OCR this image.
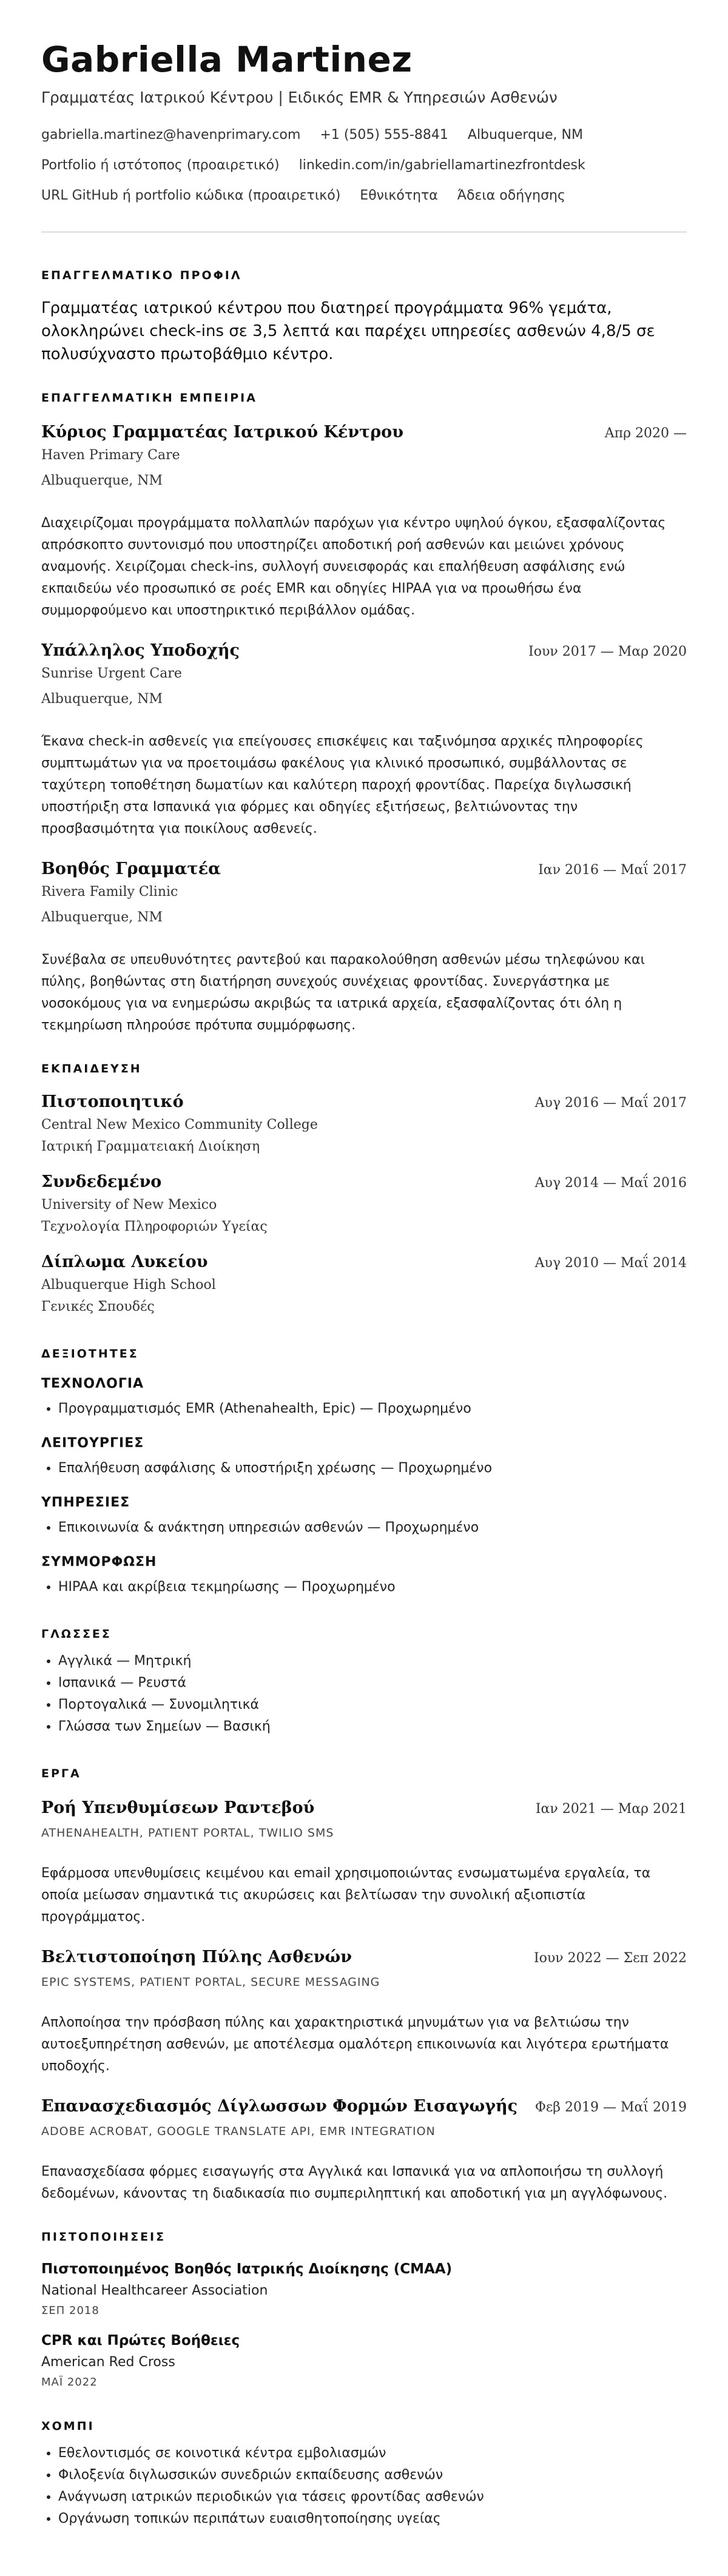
Gabriella Martinez
Γραμματέας Ιατρικού Κέντρου | Ειδικός EMR & Υπηρεσιών Ασθενών
gabriella.martinez@havenprimary.com +1 (505) 555-8841 Albuquerque, NM
Portfolio ή ιστότοπος (προαιρετικό) linkedin.com/in/gabriellamartinezfrontdesk
URL GitHub ή portfolio κώδικα (προαιρετικό) Εθνικότητα Άδεια οδήγησης
ΕΠΑΓΓΕΛΜΑΤΙΚΟ ΠΡΟΦΙΛ
Γραμματέας ιατρικού κέντρου που διατηρεί προγράμματα 96% γεμάτα, ολοκληρώνει check-ins σε 3,5 λεπτά και παρέχει υπηρεσίες ασθενών 4,8/5 σε πολυσύχναστο πρωτοβάθμιο κέντρο.
ΕΠΑΓΓΕΛΜΑΤΙΚΗ ΕΜΠΕΙΡΙΑ
Κύριος Γραμματέας Ιατρικού Κέντρου	Απρ 2020 —
Haven Primary Care
Albuquerque, NM
Διαχειρίζομαι προγράμματα πολλαπλών παρόχων για κέντρο υψηλού όγκου, εξασφαλίζοντας απρόσκοπτο συντονισμό που υποστηρίζει αποδοτική ροή ασθενών και μειώνει χρόνους αναμονής. Χειρίζομαι check-ins, συλλογή συνεισφοράς και επαλήθευση ασφάλισης ενώ εκπαιδεύω νέο προσωπικό σε ροές EMR και οδηγίες HIPAA για να προωθήσω ένα συμμορφούμενο και υποστηρικτικό περιβάλλον ομάδας.
Υπάλληλος Υποδοχής	Ιουν 2017 — Μαρ 2020
Sunrise Urgent Care
Albuquerque, NM
Έκανα check-in ασθενείς για επείγουσες επισκέψεις και ταξινόμησα αρχικές πληροφορίες συμπτωμάτων για να προετοιμάσω φακέλους για κλινικό προσωπικό, συμβάλλοντας σε ταχύτερη τοποθέτηση δωματίων και καλύτερη παροχή φροντίδας. Παρείχα διγλωσσική υποστήριξη στα Ισπανικά για φόρμες και οδηγίες εξιτήσεως, βελτιώνοντας την προσβασιμότητα για ποικίλους ασθενείς.
Βοηθός Γραμματέα	Ιαν 2016 — Μαΐ 2017
Rivera Family Clinic
Albuquerque, NM
Συνέβαλα σε υπευθυνότητες ραντεβού και παρακολούθηση ασθενών μέσω τηλεφώνου και πύλης, βοηθώντας στη διατήρηση συνεχούς συνέχειας φροντίδας. Συνεργάστηκα με νοσοκόμους για να ενημερώσω ακριβώς τα ιατρικά αρχεία, εξασφαλίζοντας ότι όλη η τεκμηρίωση πληρούσε πρότυπα συμμόρφωσης.
ΕΚΠΑΙΔΕΥΣΗ
Πιστοποιητικό	Αυγ 2016 — Μαΐ 2017
Central New Mexico Community College
Ιατρική Γραμματειακή Διοίκηση
Συνδεδεμένο	Αυγ 2014 — Μαΐ 2016
University of New Mexico
Τεχνολογία Πληροφοριών Υγείας
Δίπλωμα Λυκείου	Αυγ 2010 — Μαΐ 2014
Albuquerque High School
Γενικές Σπουδές
ΔΕΞΙΟΤΗΤΕΣ
ΤΕΧΝΟΛΟΓΙΑ
• Προγραμματισμός EMR (Athenahealth, Epic) — Προχωρημένο
ΛΕΙΤΟΥΡΓΙΕΣ
• Επαλήθευση ασφάλισης & υποστήριξη χρέωσης — Προχωρημένο
ΥΠΗΡΕΣΙΕΣ
• Επικοινωνία & ανάκτηση υπηρεσιών ασθενών — Προχωρημένο
ΣΥΜΜΟΡΦΩΣΗ
• HIPAA και ακρίβεια τεκμηρίωσης — Προχωρημένο
ΓΛΩΣΣΕΣ
• Αγγλικά — Μητρική
• Ισπανικά — Ρευστά
• Πορτογαλικά — Συνομιλητικά
• Γλώσσα των Σημείων — Βασική
ΕΡΓΑ
Ροή Υπενθυμίσεων Ραντεβού	Ιαν 2021 — Μαρ 2021
ATHENAHEALTH, PATIENT PORTAL, TWILIO SMS
Εφάρμοσα υπενθυμίσεις κειμένου και email χρησιμοποιώντας ενσωματωμένα εργαλεία, τα οποία μείωσαν σημαντικά τις ακυρώσεις και βελτίωσαν την συνολική αξιοπιστία προγράμματος.
Βελτιστοποίηση Πύλης Ασθενών	Ιουν 2022 — Σεπ 2022
EPIC SYSTEMS, PATIENT PORTAL, SECURE MESSAGING
Απλοποίησα την πρόσβαση πύλης και χαρακτηριστικά μηνυμάτων για να βελτιώσω την αυτοεξυπηρέτηση ασθενών, με αποτέλεσμα ομαλότερη επικοινωνία και λιγότερα ερωτήματα υποδοχής.
Επανασχεδιασμός Δίγλωσσων Φορμών Εισαγωγής Φεβ 2019 — Μαΐ 2019
ADOBE ACROBAT, GOOGLE TRANSLATE API, EMR INTEGRATION
Επανασχεδίασα φόρμες εισαγωγής στα Αγγλικά και Ισπανικά για να απλοποιήσω τη συλλογή δεδομένων, κάνοντας τη διαδικασία πιο συμπεριληπτική και αποδοτική για μη αγγλόφωνους.
ΠΙΣΤΟΠΟΙΗΣΕΙΣ
Πιστοποιημένος Βοηθός Ιατρικής Διοίκησης (CMAA)
National Healthcareer Association
ΣΕΠ 2018
CPR και Πρώτες Βοήθειες
American Red Cross
ΜΑΪ 2022
ΧΟΜΠΙ
• Εθελοντισμός σε κοινοτικά κέντρα εμβολιασμών
• Φιλοξενία διγλωσσικών συνεδριών εκπαίδευσης ασθενών
• Ανάγνωση ιατρικών περιοδικών για τάσεις φροντίδας ασθενών
• Οργάνωση τοπικών περιπάτων ευαισθητοποίησης υγείας
